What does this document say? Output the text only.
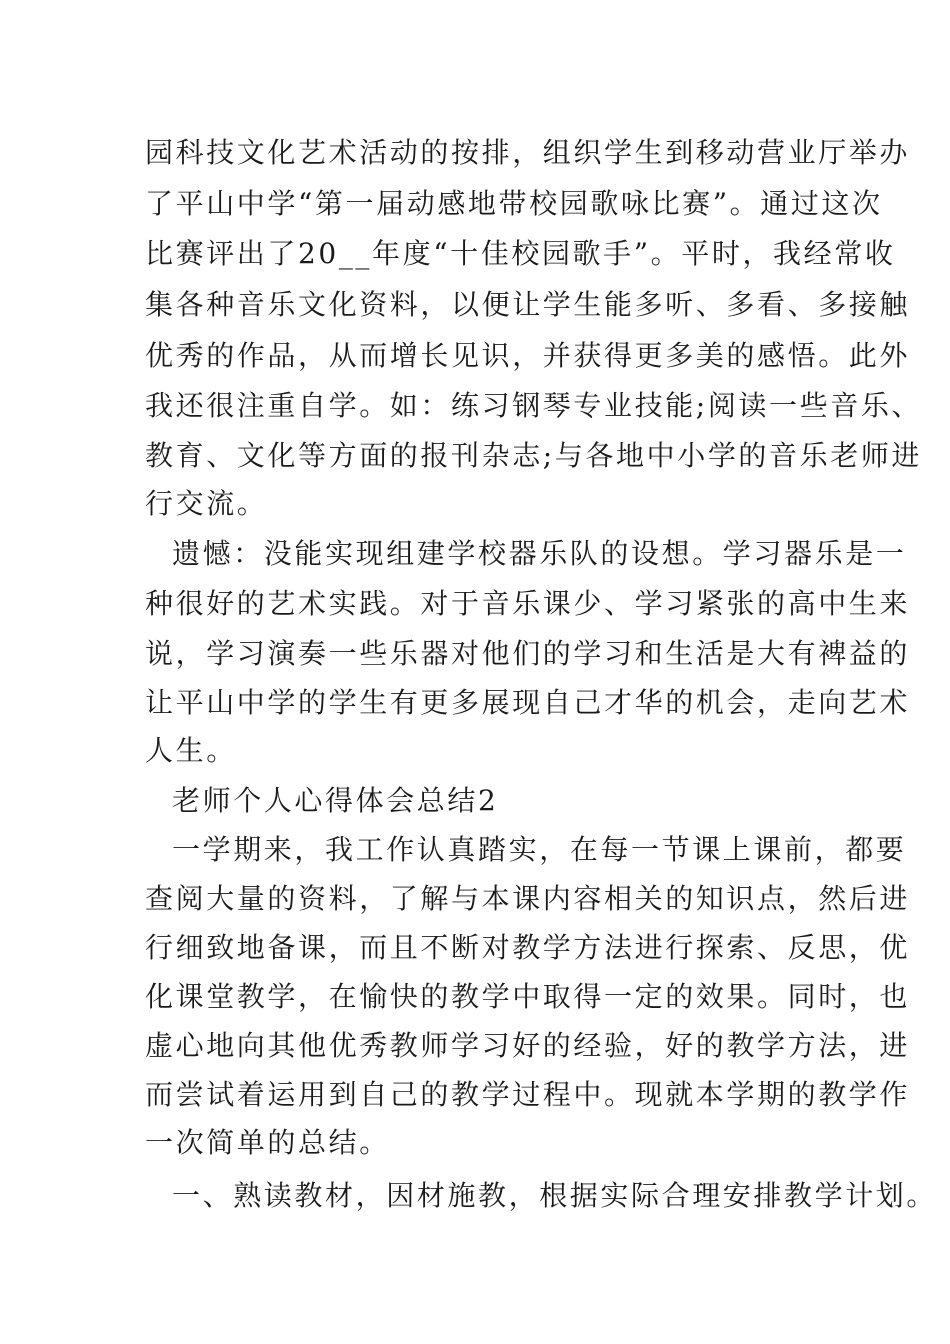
园科技文化艺术活动的按排，组织学生到移动营业厅举办

了平山中学“第一届动感地带校园歌咏比赛”。通过这次

比赛评出了20__年度“十佳校园歌手”。平时，我经常收

集各种音乐文化资料，以便让学生能多听、多看、多接触

优秀的作品，从而增长见识，并获得更多美的感悟。此外

我还很注重自学。如：练习钢琴专业技能;阅读一些音乐、

教育、文化等方面的报刊杂志;与各地中小学的音乐老师进

行交流。

遗憾：没能实现组建学校器乐队的设想。学习器乐是一

种很好的艺术实践。对于音乐课少、学习紧张的高中生来

说，学习演奏一些乐器对他们的学习和生活是大有裨益的

让平山中学的学生有更多展现自己才华的机会，走向艺术

人生。

老师个人心得体会总结2

一学期来，我工作认真踏实，在每一节课上课前，都要

查阅大量的资料，了解与本课内容相关的知识点，然后进

行细致地备课，而且不断对教学方法进行探索、反思，优

化课堂教学，在愉快的教学中取得一定的效果。同时，也

虚心地向其他优秀教师学习好的经验，好的教学方法，进

而尝试着运用到自己的教学过程中。现就本学期的教学作

一次简单的总结。

一、熟读教材，因材施教，根据实际合理安排教学计划。
